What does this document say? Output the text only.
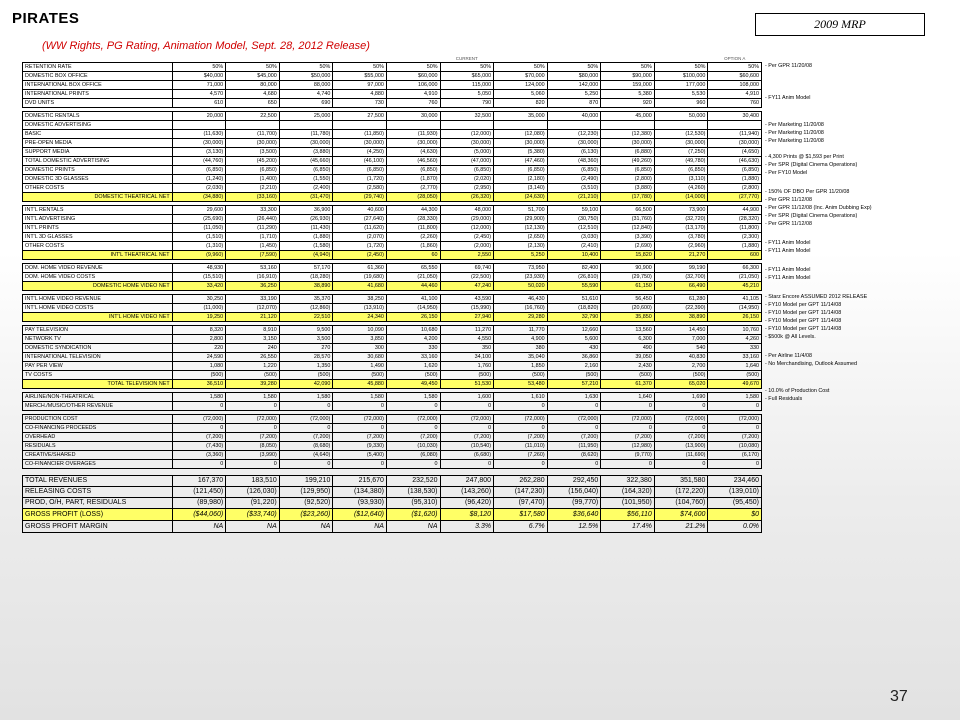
PIRATES
(WW Rights, PG Rating, Animation Model, Sept. 28, 2012 Release)
2009 MRP
						CURRENT					OPTION A
RETENTION RATE	50%	50%	50%	50%	50%	50%	50%	50%	50%	50%	50%
DOMESTIC BOX OFFICE	$40,000	$45,000	$50,000	$55,000	$60,000	$65,000	$70,000	$80,000	$90,000	$100,000	$60,600
INTERNATIONAL BOX OFFICE	71,000	80,000	88,000	97,000	106,000	115,000	124,000	142,000	159,000	177,000	108,000
INTERNATIONAL PRINTS	4,570	4,680	4,740	4,880	4,910	5,050	5,060	5,250	5,380	5,530	4,910
DVD UNITS	610	650	690	730	760	790	820	870	920	960	760

DOMESTIC RENTALS	20,000	22,500	25,000	27,500	30,000	32,500	35,000	40,000	45,000	50,000	30,400
DOMESTIC ADVERTISING											
BASIC	(11,630)	(11,700)	(11,780)	(11,850)	(11,930)	(12,000)	(12,080)	(12,230)	(12,380)	(12,530)	(11,940)
PRE-OPEN MEDIA	(30,000)	(30,000)	(30,000)	(30,000)	(30,000)	(30,000)	(30,000)	(30,000)	(30,000)	(30,000)	(30,000)
SUPPORT MEDIA	(3,130)	(3,500)	(3,880)	(4,250)	(4,630)	(5,000)	(5,380)	(6,130)	(6,880)	(7,250)	(4,650)
TOTAL DOMESTIC ADVERTISING	(44,760)	(45,200)	(45,660)	(46,100)	(46,560)	(47,000)	(47,460)	(48,360)	(49,260)	(49,780)	(46,630)
DOMESTIC PRINTS	(6,850)	(6,850)	(6,850)	(6,850)	(6,850)	(6,850)	(6,850)	(6,850)	(6,850)	(6,850)	(6,850)
DOMESTIC 3D GLASSES	(1,240)	(1,400)	(1,550)	(1,720)	(1,870)	(2,020)	(2,180)	(2,490)	(2,800)	(3,110)	(1,880)
OTHER COSTS	(2,030)	(2,210)	(2,400)	(2,580)	(2,770)	(2,950)	(3,140)	(3,510)	(3,880)	(4,260)	(2,800)
DOMESTIC THEATRICAL NET	(34,880)	(33,160)	(31,470)	(29,740)	(28,050)	(26,320)	(24,630)	(21,210)	(17,780)	(14,000)	(27,770)

INT'L RENTALS	29,600	33,300	36,900	40,600	44,300	48,000	51,700	59,100	66,500	73,900	44,900
INT'L ADVERTISING	(25,690)	(26,440)	(26,930)	(27,640)	(28,330)	(29,000)	(29,900)	(30,750)	(31,760)	(32,720)	(28,320)
INT'L PRINTS	(11,050)	(11,290)	(11,430)	(11,620)	(11,800)	(12,000)	(12,130)	(12,510)	(12,840)	(13,170)	(11,800)
INT'L 3D GLASSES	(1,510)	(1,710)	(1,880)	(2,070)	(2,260)	(2,450)	(2,650)	(3,030)	(3,390)	(3,780)	(2,300)
OTHER COSTS	(1,310)	(1,450)	(1,580)	(1,720)	(1,860)	(2,000)	(2,130)	(2,410)	(2,690)	(2,960)	(1,880)
INT'L THEATRICAL NET	(9,960)	(7,590)	(4,940)	(2,450)	60	2,550	5,250	10,400	15,820	21,270	600

DOM. HOME VIDEO REVENUE	48,930	53,160	57,170	61,360	65,550	69,740	73,950	82,400	90,900	99,190	66,300
DOM. HOME VIDEO COSTS	(15,510)	(16,910)	(18,280)	(19,680)	(21,050)	(22,500)	(23,930)	(26,810)	(29,750)	(32,700)	(21,050)
DOMESTIC HOME VIDEO NET	33,420	36,250	38,890	41,680	44,460	47,240	50,020	55,590	61,150	66,490	45,210

INT'L HOME VIDEO REVENUE	30,250	33,190	35,370	38,250	41,100	43,590	46,430	51,610	56,450	61,280	41,105
INT'L HOME VIDEO COSTS	(11,000)	(12,070)	(12,860)	(13,910)	(14,950)	(15,990)	(16,760)	(18,820)	(20,600)	(22,390)	(14,950)
INT'L HOME VIDEO NET	19,250	21,120	22,510	24,340	26,150	27,940	29,280	32,790	35,850	38,890	26,150

PAY TELEVISION	8,320	8,910	9,500	10,090	10,680	11,270	11,770	12,660	13,560	14,450	10,760
NETWORK TV	2,800	3,150	3,500	3,850	4,200	4,550	4,900	5,600	6,300	7,000	4,260
DOMESTIC SYNDICATION	220	240	270	300	330	350	380	430	490	540	330
INTERNATIONAL TELEVISION	24,590	26,550	28,570	30,680	33,160	34,100	35,040	36,860	39,050	40,830	33,160
PAY PER VIEW	1,080	1,220	1,350	1,490	1,620	1,760	1,850	2,160	2,430	2,700	1,640
TV COSTS	(500)	(500)	(500)	(500)	(500)	(500)	(500)	(500)	(500)	(500)	(500)
TOTAL TELEVISION NET	36,510	39,280	42,090	45,880	49,450	51,530	53,480	57,210	61,370	65,020	49,670

AIRLINE/NON-THEATRICAL	1,580	1,580	1,580	1,580	1,580	1,600	1,610	1,630	1,640	1,690	1,580
MERCH./MUSIC/OTHER REVENUE	0	0	0	0	0	0	0	0	0	0	0

PRODUCTION COST	(72,000)	(72,000)	(72,000)	(72,000)	(72,000)	(72,000)	(72,000)	(72,000)	(72,000)	(72,000)	(72,000)
CO-FINANCING PROCEEDS	0	0	0	0	0	0	0	0	0	0	0
OVERHEAD	(7,200)	(7,200)	(7,200)	(7,200)	(7,200)	(7,200)	(7,200)	(7,200)	(7,200)	(7,200)	(7,200)
RESIDUALS	(7,430)	(8,050)	(8,680)	(9,330)	(10,030)	(10,540)	(11,010)	(11,950)	(12,980)	(13,900)	(10,080)
CREATIVE/SHARED	(3,360)	(3,990)	(4,640)	(5,400)	(6,080)	(6,680)	(7,260)	(8,620)	(9,770)	(11,690)	(6,170)
CO-FINANCIER OVERAGES	0	0	0	0	0	0	0	0	0	0	0

TOTAL REVENUES	167,370	183,510	199,210	215,670	232,520	247,800	262,280	292,450	322,380	351,580	234,460
RELEASING COSTS	(121,450)	(126,030)	(129,950)	(134,380)	(138,530)	(143,260)	(147,230)	(156,040)	(164,320)	(172,220)	(139,010)
PROD, O/H, PART, RESIDUALS	(89,980)	(91,220)	(92,520)	(93,930)	(95,310)	(96,420)	(97,470)	(99,770)	(101,950)	(104,760)	(95,450)
GROSS PROFIT (LOSS)	($44,060)	($33,740)	($23,260)	($12,640)	($1,620)	$8,120	$17,580	$36,640	$56,110	$74,600	$0
GROSS PROFIT MARGIN	NA	NA	NA	NA	NA	3.3%	6.7%	12.5%	17.4%	21.2%	0.0%
- Per GPR 11/20/08
- FY11 Anim Model
- Per Marketing 11/20/08
- Per Marketing 11/20/08
- Per Marketing 11/20/08
- 4,300 Prints @ $1,593 per Print
- Per SPR (Digital Cinema Operations)
- Per FY10 Model
- 150% OF DBO Per GPR 11/20/08
- Per GPR 11/12/08
- Per GPR 11/12/08 (Inc. Anim Dubbing Exp)
- Per SPR (Digital Cinema Operations)
- Per GPR 11/12/08
- FY11 Anim Model
- FY11 Anim Model
- FY11 Anim Model
- FY11 Anim Model
- Starz Encore ASSUMED 2012 RELEASE
- FY10 Model per GPT 11/14/08
- FY10 Model per GPT 11/14/08
- FY10 Model per GPT 11/14/08
- FY10 Model per GPT 11/14/08
- $500k @ All Levels.
- Per Airline 11/4/08
- No Merchandising, Outlook Assumed
- 10.0% of Production Cost
- Full Residuals
37
